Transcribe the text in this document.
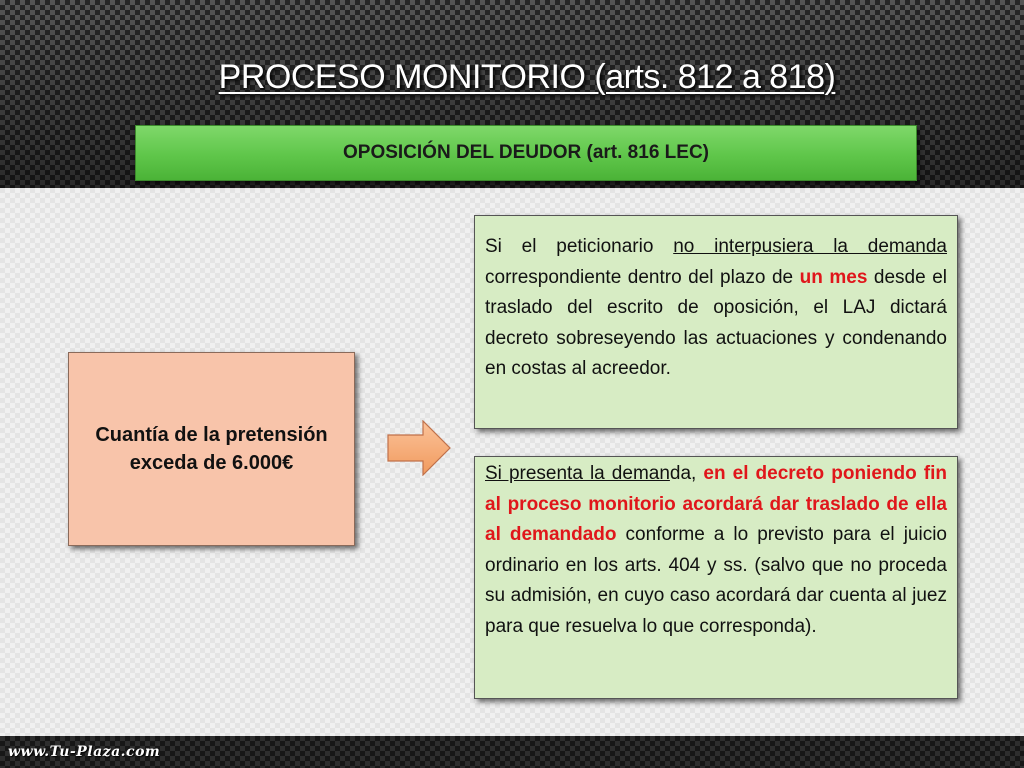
PROCESO MONITORIO (arts. 812 a 818)
OPOSICIÓN DEL DEUDOR (art. 816 LEC)
Cuantía de la pretensión
exceda de 6.000€
Si el peticionario no interpusiera la demanda correspondiente dentro del plazo de un mes desde el traslado del escrito de oposición, el LAJ dictará decreto sobreseyendo las actuaciones y condenando en costas al acreedor.
Si presenta la demanda, en el decreto poniendo fin al proceso monitorio acordará dar traslado de ella al demandado conforme a lo previsto para el juicio ordinario en los arts. 404 y ss. (salvo que no proceda su admisión, en cuyo caso acordará dar cuenta al juez para que resuelva lo que corresponda).
www.Tu-Plaza.com
